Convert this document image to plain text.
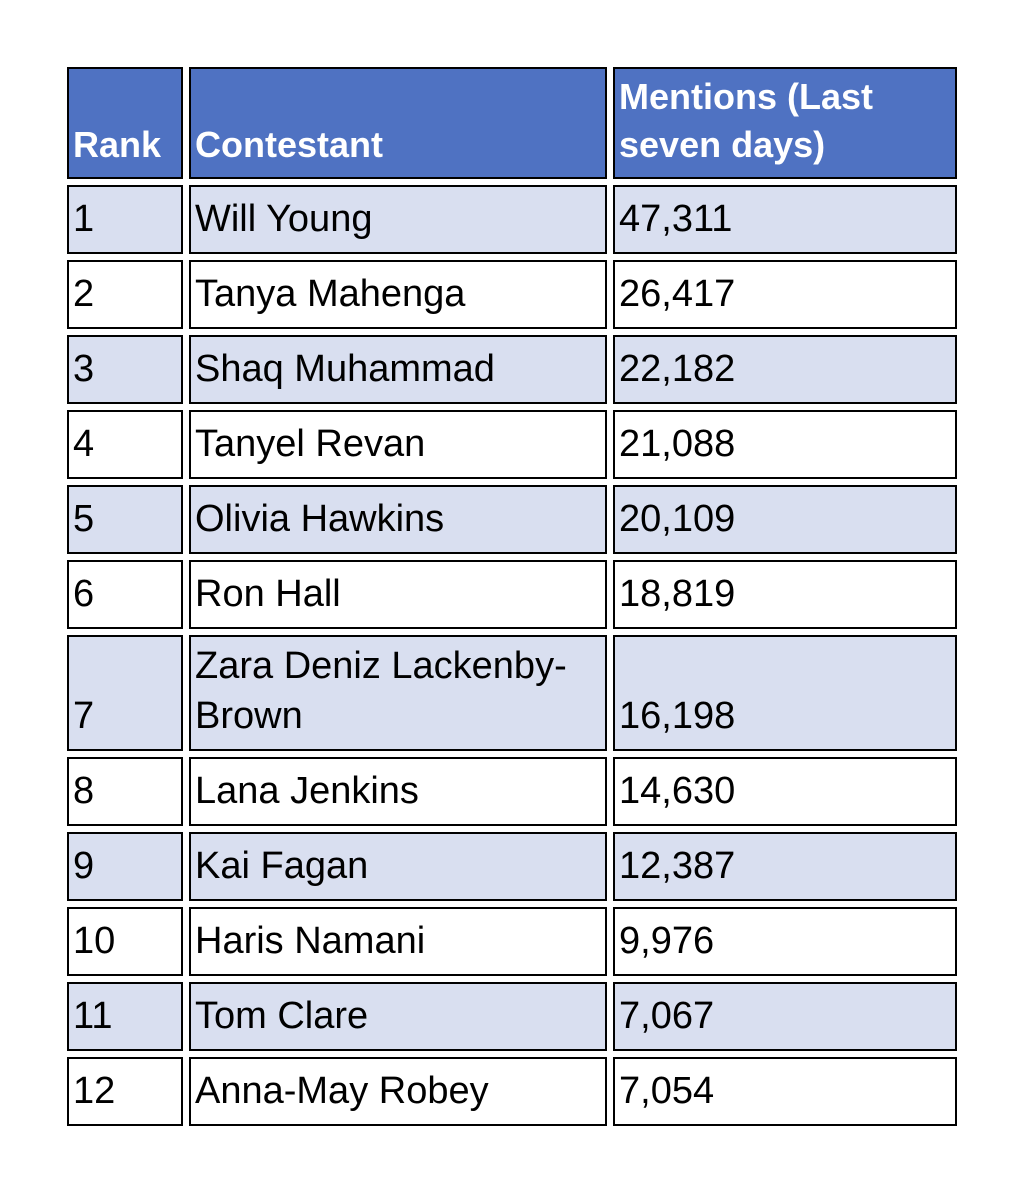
Rank	Contestant	Mentions (Last seven days)
1	Will Young	47,311
2	Tanya Mahenga	26,417
3	Shaq Muhammad	22,182
4	Tanyel Revan	21,088
5	Olivia Hawkins	20,109
6	Ron Hall	18,819
7	Zara Deniz Lackenby-Brown	16,198
8	Lana Jenkins	14,630
9	Kai Fagan	12,387
10	Haris Namani	9,976
11	Tom Clare	7,067
12	Anna-May Robey	7,054
